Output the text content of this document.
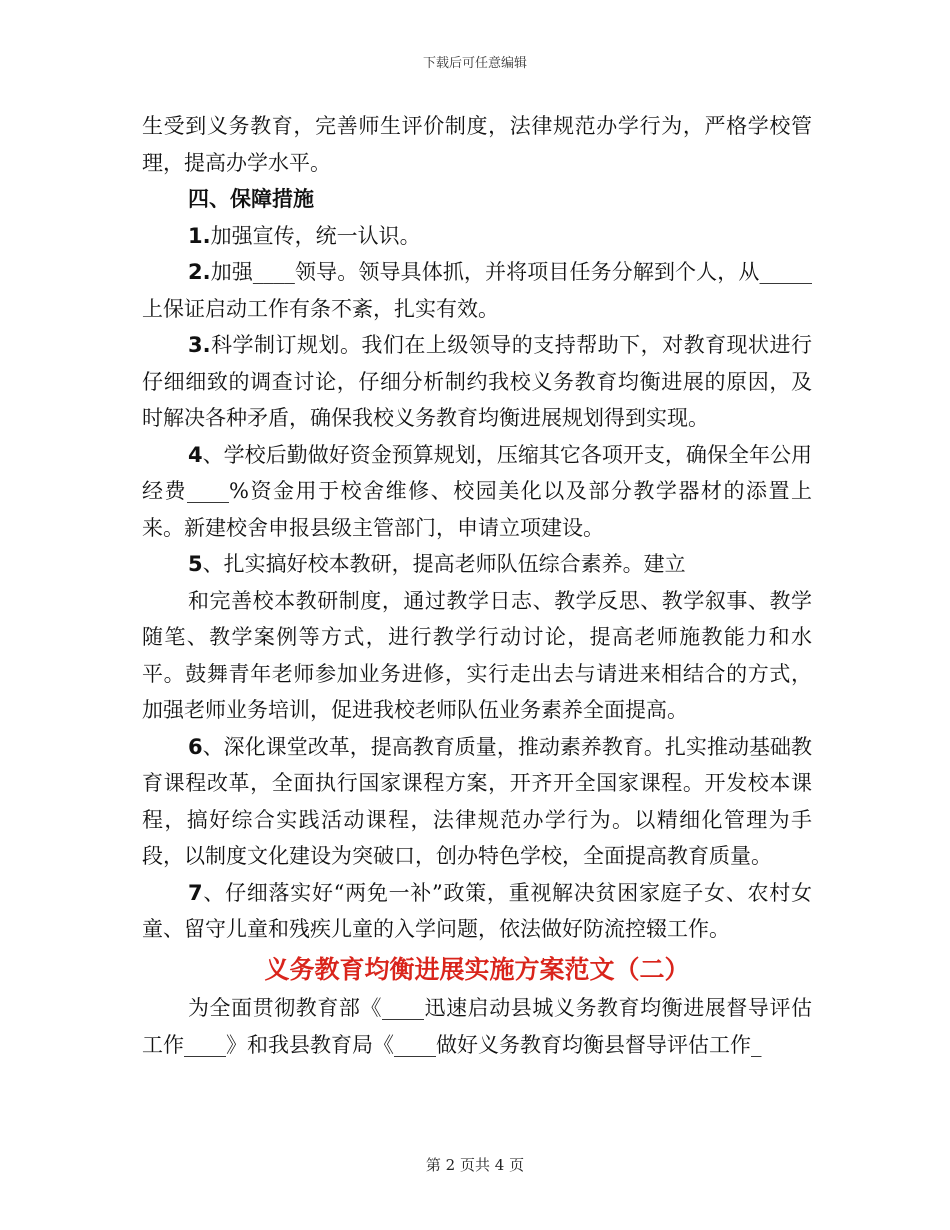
下载后可任意编辑

生受到义务教育，完善师生评价制度，法律规范办学行为，严格学校管理，提高办学水平。

四、保障措施

1.加强宣传，统一认识。

2.加强____领导。领导具体抓，并将项目任务分解到个人，从_____上保证启动工作有条不紊，扎实有效。

3.科学制订规划。我们在上级领导的支持帮助下，对教育现状进行仔细细致的调查讨论，仔细分析制约我校义务教育均衡进展的原因，及时解决各种矛盾，确保我校义务教育均衡进展规划得到实现。

4、学校后勤做好资金预算规划，压缩其它各项开支，确保全年公用经费____%资金用于校舍维修、校园美化以及部分教学器材的添置上来。新建校舍申报县级主管部门，申请立项建设。

5、扎实搞好校本教研，提高老师队伍综合素养。建立

和完善校本教研制度，通过教学日志、教学反思、教学叙事、教学随笔、教学案例等方式，进行教学行动讨论，提高老师施教能力和水平。鼓舞青年老师参加业务进修，实行走出去与请进来相结合的方式，加强老师业务培训，促进我校老师队伍业务素养全面提高。

6、深化课堂改革，提高教育质量，推动素养教育。扎实推动基础教育课程改革，全面执行国家课程方案，开齐开全国家课程。开发校本课程，搞好综合实践活动课程，法律规范办学行为。以精细化管理为手段，以制度文化建设为突破口，创办特色学校，全面提高教育质量。

7、仔细落实好“两免一补”政策，重视解决贫困家庭子女、农村女童、留守儿童和残疾儿童的入学问题，依法做好防流控辍工作。

义务教育均衡进展实施方案范文（二）

为全面贯彻教育部《____迅速启动县城义务教育均衡进展督导评估工作____》和我县教育局《____做好义务教育均衡县督导评估工作_

第 2 页共 4 页
